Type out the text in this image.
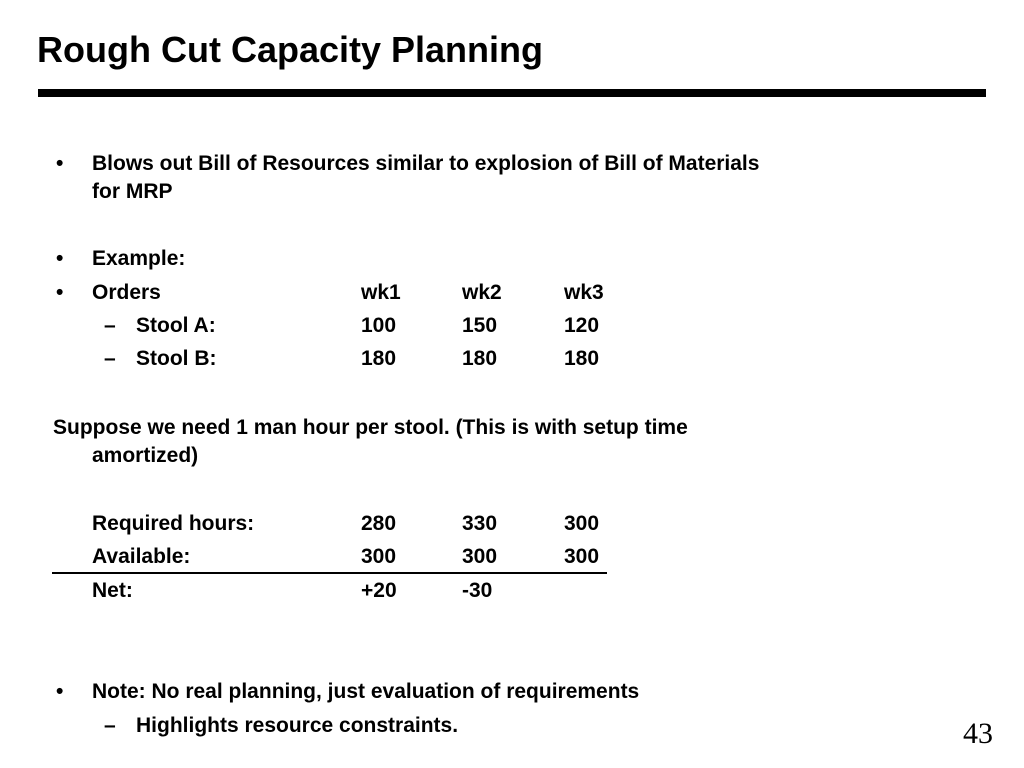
Rough Cut Capacity Planning
• Blows out Bill of Resources similar to explosion of Bill of Materials
for MRP
• Example:
• Orders	wk1	wk2	wk3
– Stool A:	100	150	120
– Stool B:	180	180	180
Suppose we need 1 man hour per stool. (This is with setup time
amortized)
Required hours:	280	330	300
Available:	300	300	300
Net:	+20	-30
• Note: No real planning, just evaluation of requirements
– Highlights resource constraints.	43
